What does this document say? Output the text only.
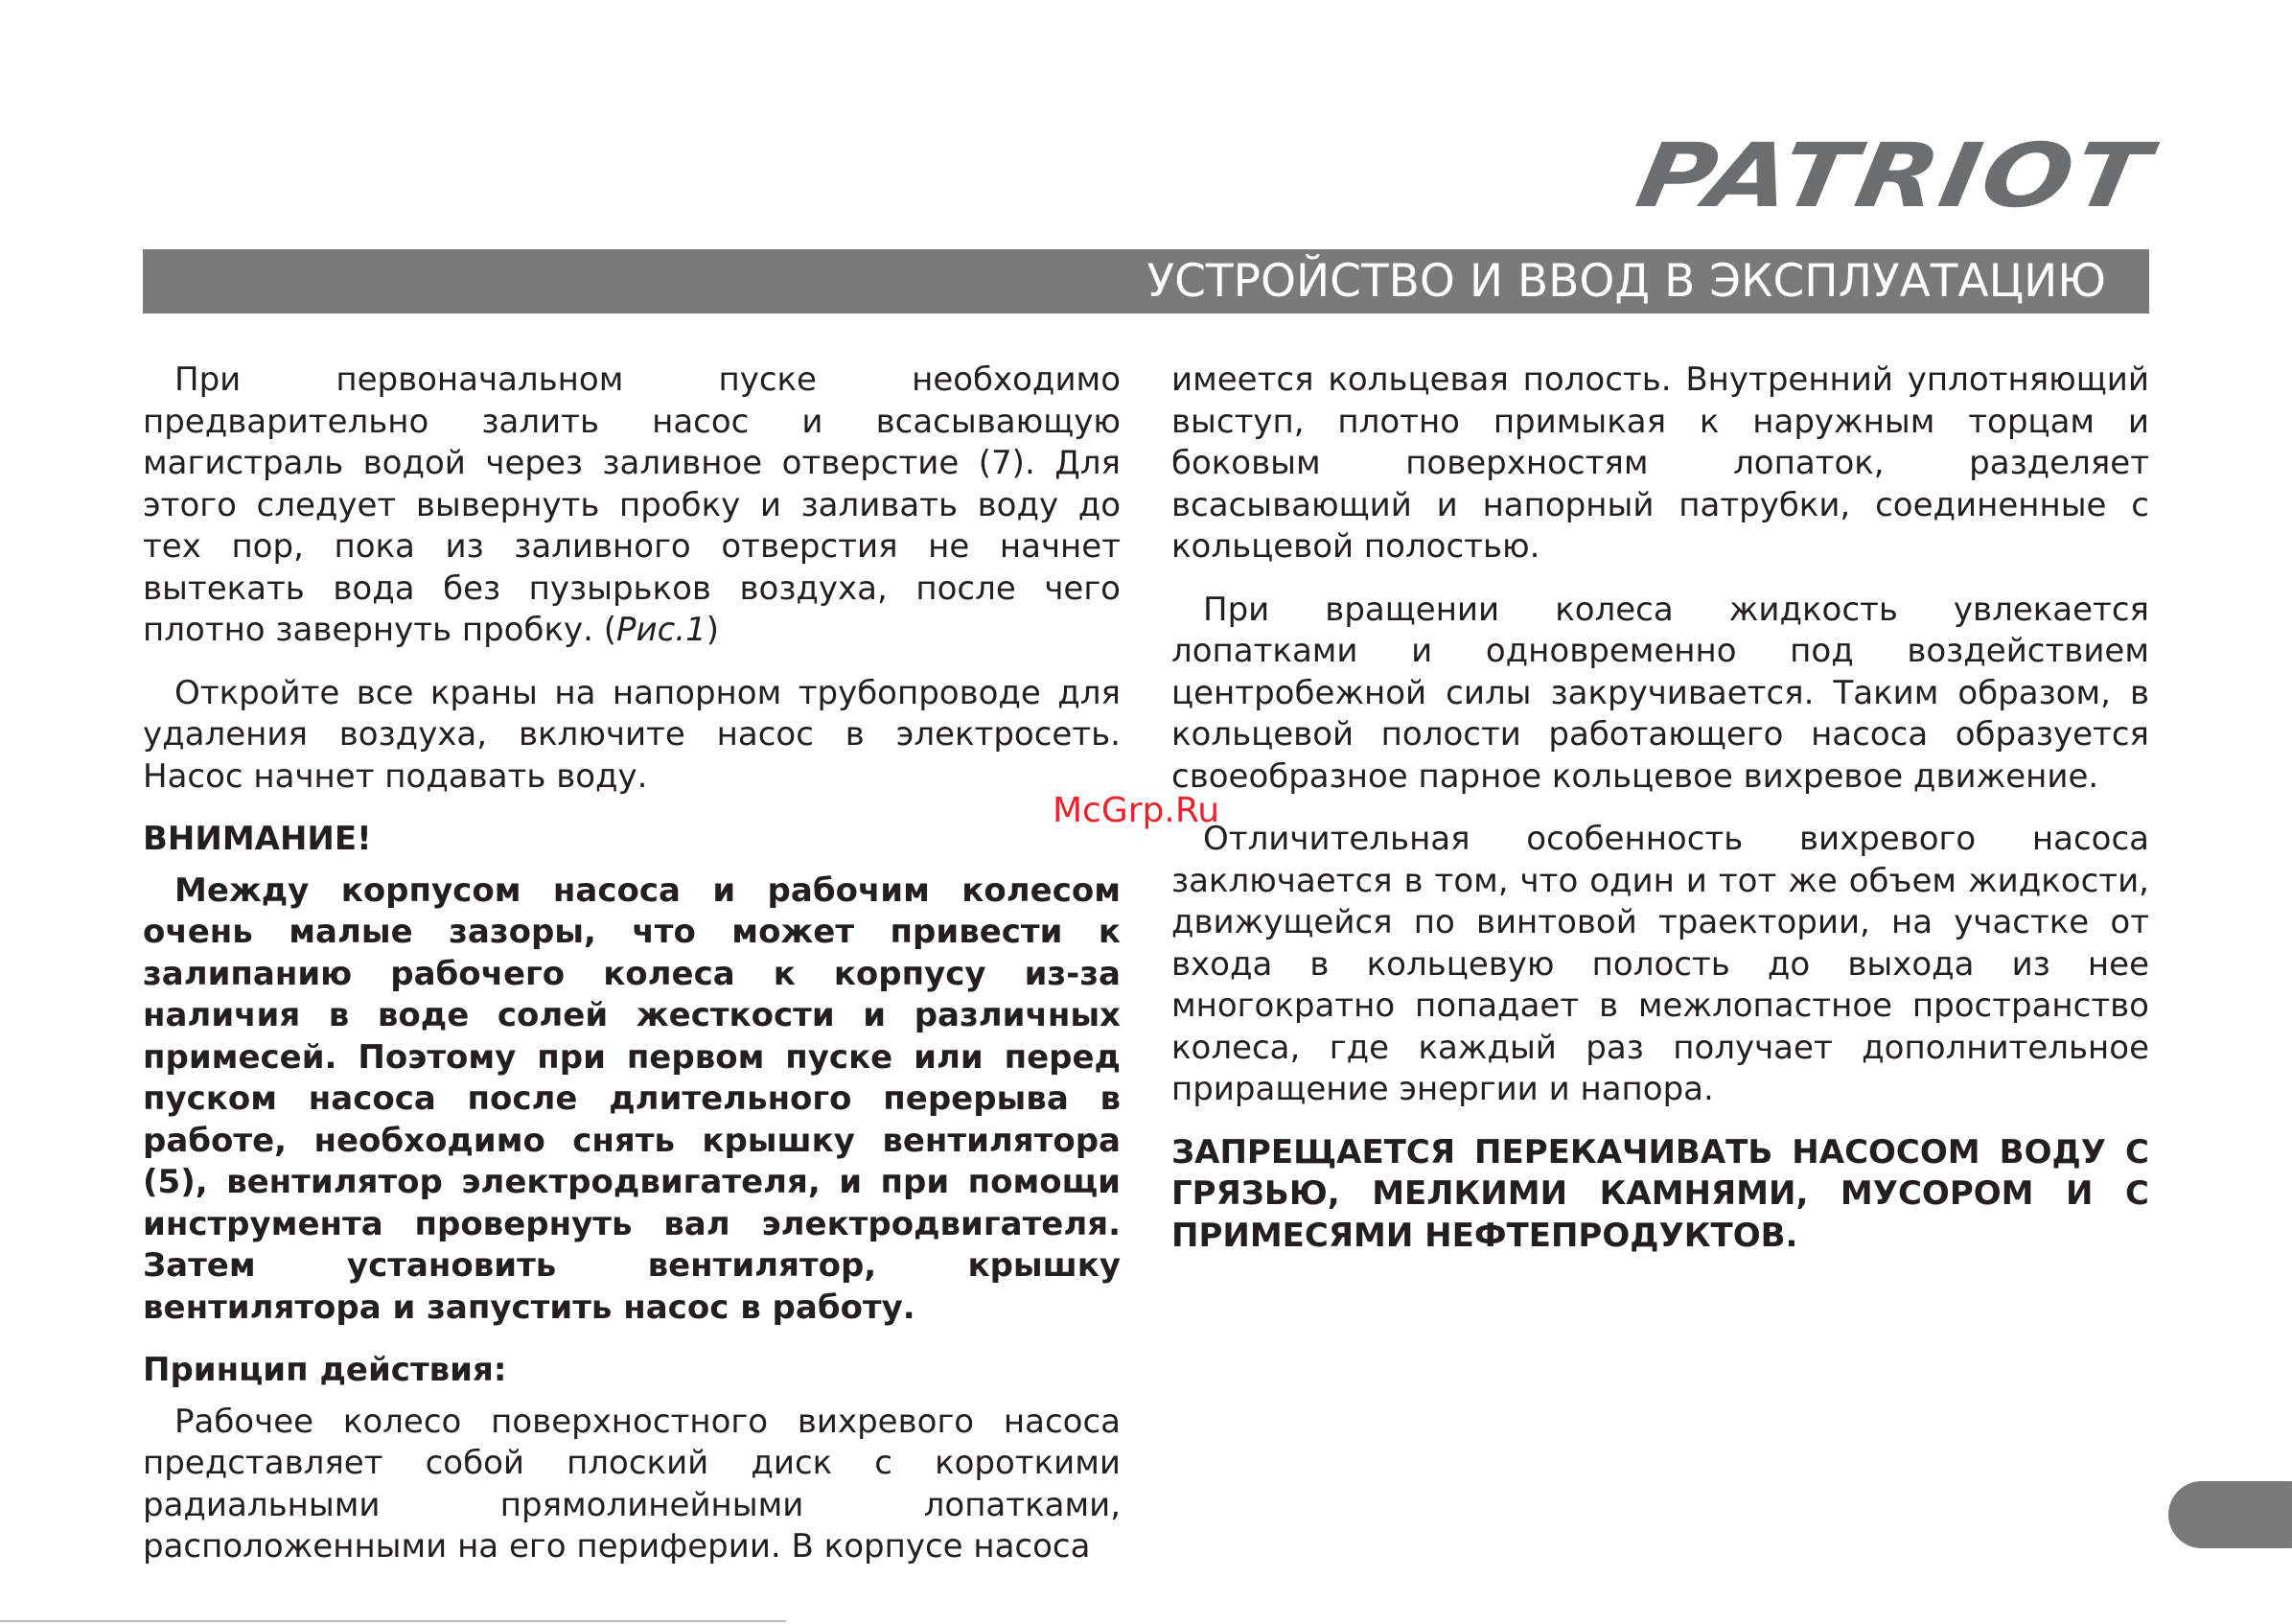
PATRIOT
УСТРОЙСТВО И ВВОД В ЭКСПЛУАТАЦИЮ

При первоначальном пуске необходимо предварительно залить насос и всасывающую магистраль водой через заливное отверстие (7). Для этого следует вывернуть пробку и заливать воду до тех пор, пока из заливного отверстия не начнет вытекать вода без пузырьков воздуха, после чего плотно завернуть пробку. (Рис.1)

Откройте все краны на напорном трубопроводе для удаления воздуха, включите насос в электросеть. Насос начнет подавать воду.

ВНИМАНИЕ!

Между корпусом насоса и рабочим колесом очень малые зазоры, что может привести к залипанию рабочего колеса к корпусу из-за наличия в воде солей жесткости и различных примесей. Поэтому при первом пуске или перед пуском насоса после длительного перерыва в работе, необходимо снять крышку вентилятора (5), вентилятор электродвигателя, и при помощи инструмента провернуть вал электродвигателя. Затем установить вентилятор, крышку вентилятора и запустить насос в работу.

Принцип действия:

Рабочее колесо поверхностного вихревого насоса представляет собой плоский диск с короткими радиальными прямолинейными лопатками, расположенными на его периферии. В корпусе насоса

имеется кольцевая полость. Внутренний уплотняющий выступ, плотно примыкая к наружным торцам и боковым поверхностям лопаток, разделяет всасывающий и напорный патрубки, соединенные с кольцевой полостью.

При вращении колеса жидкость увлекается лопатками и одновременно под воздействием центробежной силы закручивается. Таким образом, в кольцевой полости работающего насоса образуется своеобразное парное кольцевое вихревое движение.

Отличительная особенность вихревого насоса заключается в том, что один и тот же объем жидкости, движущейся по винтовой траектории, на участке от входа в кольцевую полость до выхода из нее многократно попадает в межлопастное пространство колеса, где каждый раз получает дополнительное приращение энергии и напора.

ЗАПРЕЩАЕТСЯ ПЕРЕКАЧИВАТЬ НАСОСОМ ВОДУ С ГРЯЗЬЮ, МЕЛКИМИ КАМНЯМИ, МУСОРОМ И С ПРИМЕСЯМИ НЕФТЕПРОДУКТОВ.

McGrp.Ru
